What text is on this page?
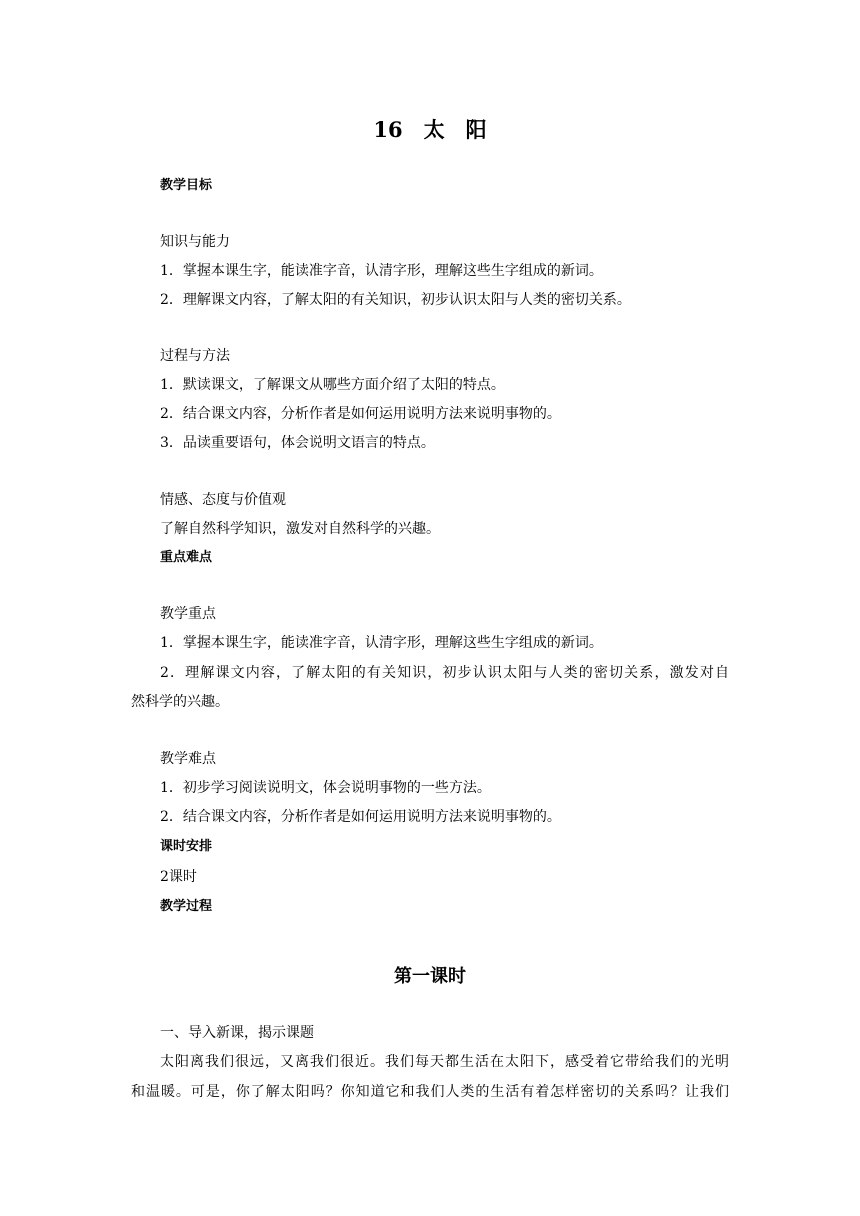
16　太　阳
教学目标
知识与能力
1．掌握本课生字，能读准字音，认清字形，理解这些生字组成的新词。
2．理解课文内容，了解太阳的有关知识，初步认识太阳与人类的密切关系。
过程与方法
1．默读课文，了解课文从哪些方面介绍了太阳的特点。
2．结合课文内容，分析作者是如何运用说明方法来说明事物的。
3．品读重要语句，体会说明文语言的特点。
情感、态度与价值观
了解自然科学知识，激发对自然科学的兴趣。
重点难点
教学重点
1．掌握本课生字，能读准字音，认清字形，理解这些生字组成的新词。
2．理解课文内容，了解太阳的有关知识，初步认识太阳与人类的密切关系，激发对自
然科学的兴趣。
教学难点
1．初步学习阅读说明文，体会说明事物的一些方法。
2．结合课文内容，分析作者是如何运用说明方法来说明事物的。
课时安排
2课时
教学过程
第一课时
一、导入新课，揭示课题
太阳离我们很远，又离我们很近。我们每天都生活在太阳下，感受着它带给我们的光明
和温暖。可是，你了解太阳吗？你知道它和我们人类的生活有着怎样密切的关系吗？让我们
